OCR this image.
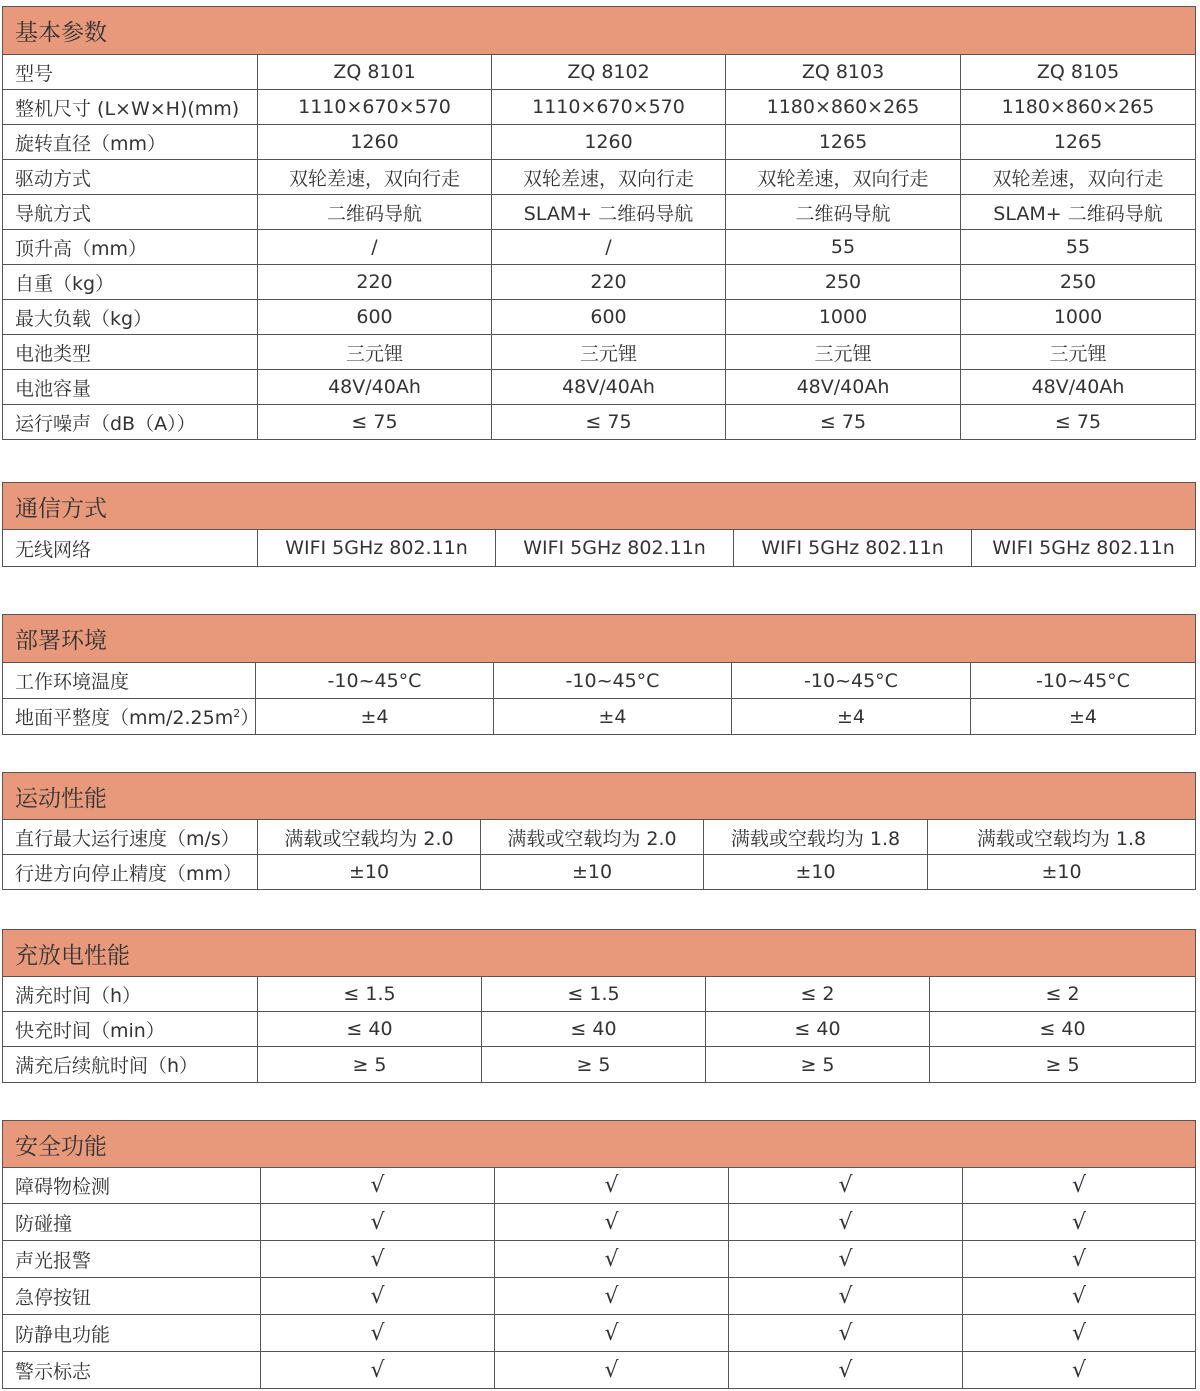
基本参数				
型号	ZQ 8101	ZQ 8102	ZQ 8103	ZQ 8105
整机尺寸 (L×W×H)(mm)	1110×670×570	1110×670×570	1180×860×265	1180×860×265
旋转直径（mm）	1260	1260	1265	1265
驱动方式	双轮差速，双向行走	双轮差速，双向行走	双轮差速，双向行走	双轮差速，双向行走
导航方式	二维码导航	SLAM+ 二维码导航	二维码导航	SLAM+ 二维码导航
顶升高（mm）	/	/	55	55
自重（kg）	220	220	250	250
最大负载（kg）	600	600	1000	1000
电池类型	三元锂	三元锂	三元锂	三元锂
电池容量	48V/40Ah	48V/40Ah	48V/40Ah	48V/40Ah
运行噪声（dB（A））	≤ 75	≤ 75	≤ 75	≤ 75
通信方式
无线网络	WIFI 5GHz 802.11n	WIFI 5GHz 802.11n	WIFI 5GHz 802.11n	WIFI 5GHz 802.11n
部署环境				
工作环境温度	-10~45°C	-10~45°C	-10~45°C	-10~45°C
地面平整度$(mm/2.25m^2)$	±4	±4	±4	±4
运动性能				
直行最大运行速度（m/s）	满载或空载均为 2.0	满载或空载均为 2.0	满载或空载均为 1.8	满载或空载均为 1.8
行进方向停止精度（mm）	±10	±10	±10	±10
充放电性能				
满充时间（h）	≤ 1.5	≤ 1.5	≤ 2	≤ 2
快充时间（min）	≤ 40	≤ 40	≤ 40	≤ 40
满充后续航时间（h）	≥ 5	≥ 5	≥ 5	≥ 5
安全功能				
障碍物检测	√	√	√	√
防碰撞	√	√	√	√
声光报警	√	√	√	√
急停按钮	√	√	√	√
防静电功能	√	√	√	√
警示标志	√	√	√	√
